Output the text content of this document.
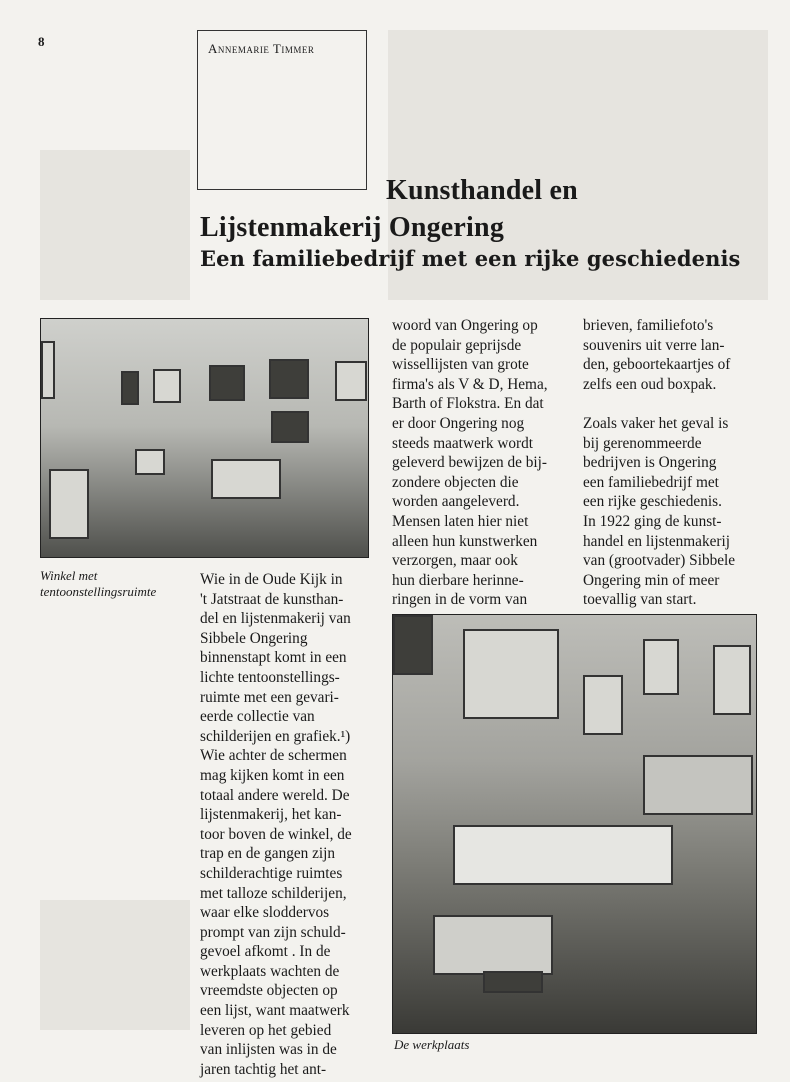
8	Annemarie Timmer
Kunsthandel en
Lijstenmakerij Ongering
Een familiebedrijf met een rijke geschiedenis
Winkel met
tentoonstellingsruimte
De werkplaats
Wie in de Oude Kijk in
't Jatstraat de kunsthan-
del en lijstenmakerij van
Sibbele Ongering
binnenstapt komt in een
lichte tentoonstellings-
ruimte met een gevari-
eerde collectie van
schilderijen en grafiek.¹)
Wie achter de schermen
mag kijken komt in een
totaal andere wereld. De
lijstenmakerij, het kan-
toor boven de winkel, de
trap en de gangen zijn
schilderachtige ruimtes
met talloze schilderijen,
waar elke sloddervos
prompt van zijn schuld-
gevoel afkomt . In de
werkplaats wachten de
vreemdste objecten op
een lijst, want maatwerk
leveren op het gebied
van inlijsten was in de
jaren tachtig het ant-
woord van Ongering op
de populair geprijsde
wissellijsten van grote
firma's als V & D, Hema,
Barth of Flokstra. En dat
er door Ongering nog
steeds maatwerk wordt
geleverd bewijzen de bij-
zondere objecten die
worden aangeleverd.
Mensen laten hier niet
alleen hun kunstwerken
verzorgen, maar ook
hun dierbare herinne-
ringen in de vorm van
brieven, familiefoto's
souvenirs uit verre lan-
den, geboortekaartjes of
zelfs een oud boxpak.

Zoals vaker het geval is
bij gerenommeerde
bedrijven is Ongering
een familiebedrijf met
een rijke geschiedenis.
In 1922 ging de kunst-
handel en lijstenmakerij
van (grootvader) Sibbele
Ongering min of meer
toevallig van start.
